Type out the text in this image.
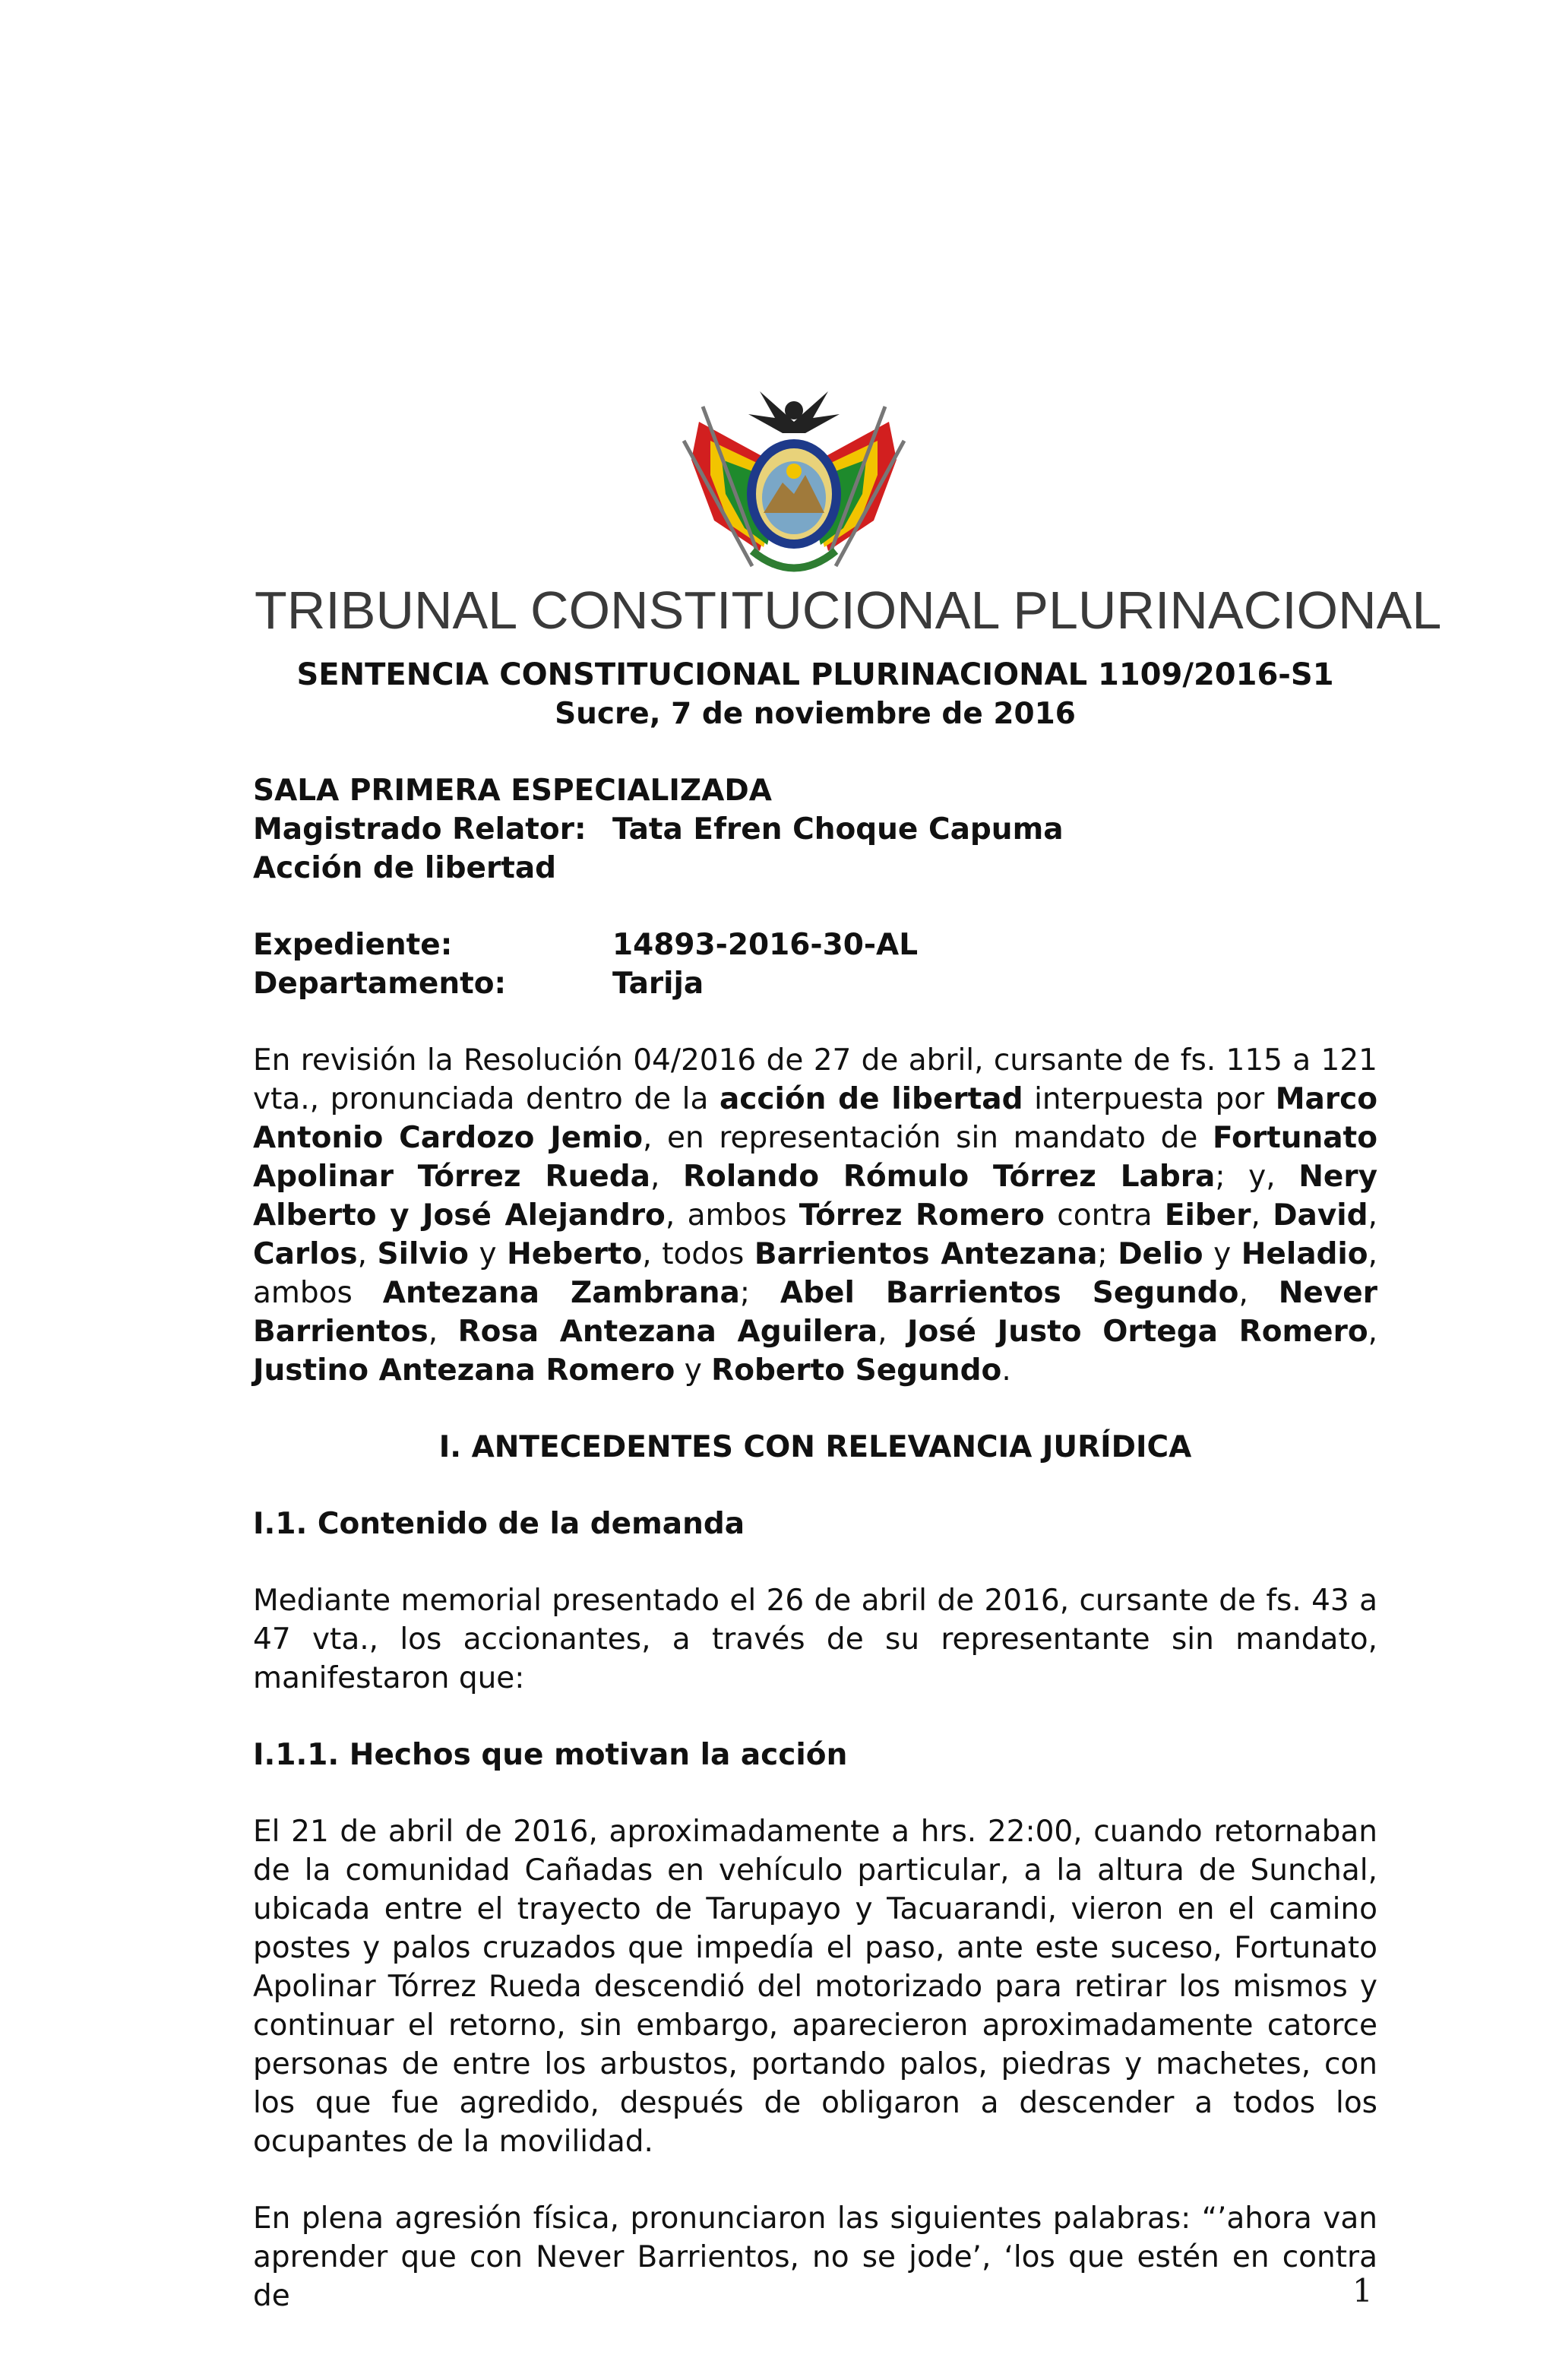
TRIBUNAL CONSTITUCIONAL PLURINACIONAL
SENTENCIA CONSTITUCIONAL PLURINACIONAL 1109/2016-S1
Sucre, 7 de noviembre de 2016
SALA PRIMERA ESPECIALIZADA
Magistrado Relator: Tata Efren Choque Capuma
Acción de libertad
Expediente:	14893-2016-30-AL
Departamento:	Tarija

En revisión la Resolución 04/2016 de 27 de abril, cursante de fs. 115 a 121 vta., pronunciada dentro de la acción de libertad interpuesta por Marco Antonio Cardozo Jemio, en representación sin mandato de Fortunato Apolinar Tórrez Rueda, Rolando Rómulo Tórrez Labra; y, Nery Alberto y José Alejandro, ambos Tórrez Romero contra Eiber, David, Carlos, Silvio y Heberto, todos Barrientos Antezana; Delio y Heladio, ambos Antezana Zambrana; Abel Barrientos Segundo, Never Barrientos, Rosa Antezana Aguilera, José Justo Ortega Romero, Justino Antezana Romero y Roberto Segundo.

I. ANTECEDENTES CON RELEVANCIA JURÍDICA
I.1. Contenido de la demanda

Mediante memorial presentado el 26 de abril de 2016, cursante de fs. 43 a 47 vta., los accionantes, a través de su representante sin mandato, manifestaron que:

I.1.1. Hechos que motivan la acción

El 21 de abril de 2016, aproximadamente a hrs. 22:00, cuando retornaban de la comunidad Cañadas en vehículo particular, a la altura de Sunchal, ubicada entre el trayecto de Tarupayo y Tacuarandi, vieron en el camino postes y palos cruzados que impedía el paso, ante este suceso, Fortunato Apolinar Tórrez Rueda descendió del motorizado para retirar los mismos y continuar el retorno, sin embargo, aparecieron aproximadamente catorce personas de entre los arbustos, portando palos, piedras y machetes, con los que fue agredido, después de obligaron a descender a todos los ocupantes de la movilidad.

En plena agresión física, pronunciaron las siguientes palabras: “’ahora van aprender que con Never Barrientos, no se jode’, ‘los que estén en contra de	1
